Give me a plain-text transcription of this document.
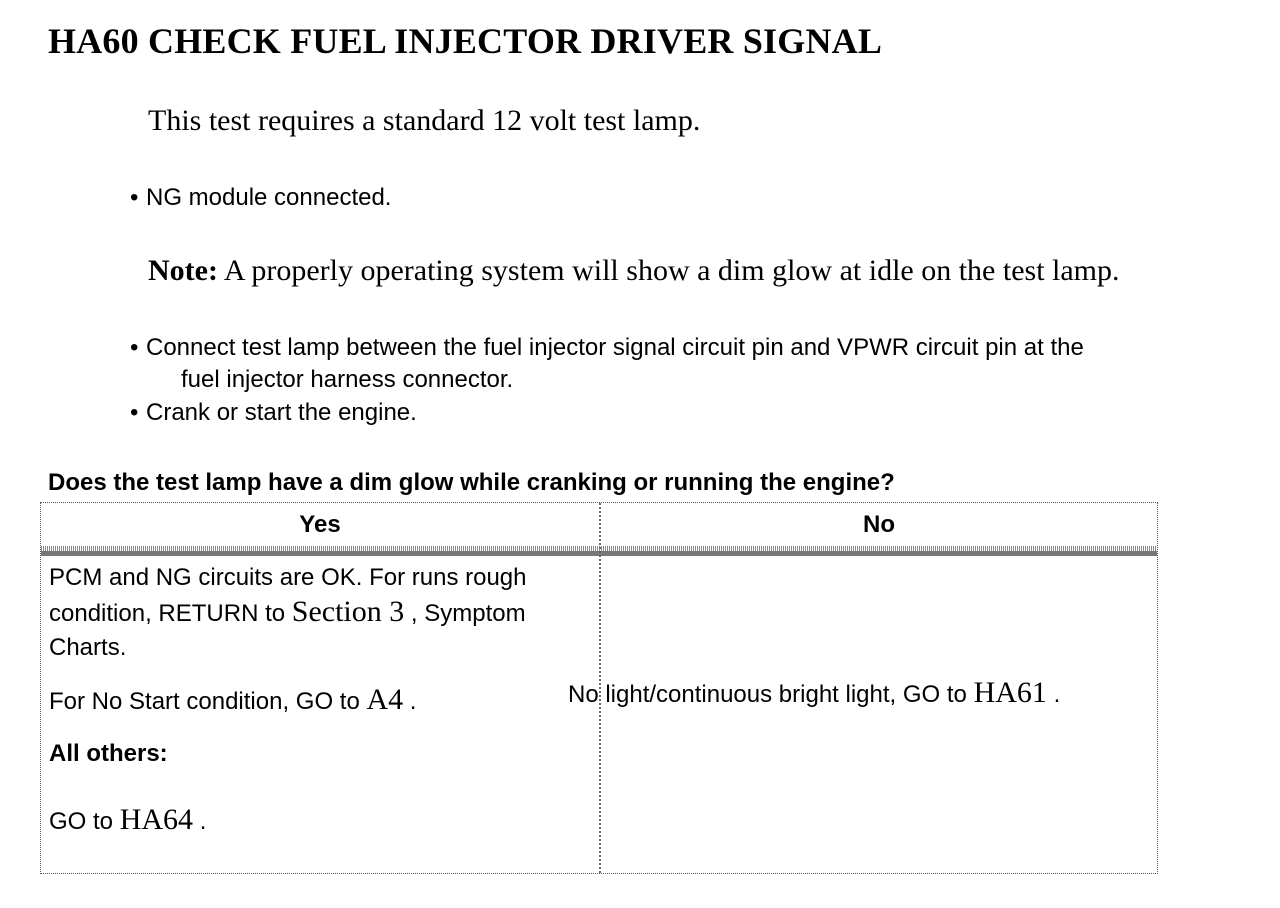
HA60 CHECK FUEL INJECTOR DRIVER SIGNAL
This test requires a standard 12 volt test lamp.
• NG module connected.
Note: A properly operating system will show a dim glow at idle on the test lamp.
• Connect test lamp between the fuel injector signal circuit pin and VPWR circuit pin at the
fuel injector harness connector.
• Crank or start the engine.
Does the test lamp have a dim glow while cranking or running the engine?
Yes	No

PCM and NG circuits are OK. For runs rough condition, RETURN to Section 3 , Symptom Charts.

For No Start condition, GO to A4 .

All others:

GO to HA64 .

No light/continuous bright light, GO to HA61 .
